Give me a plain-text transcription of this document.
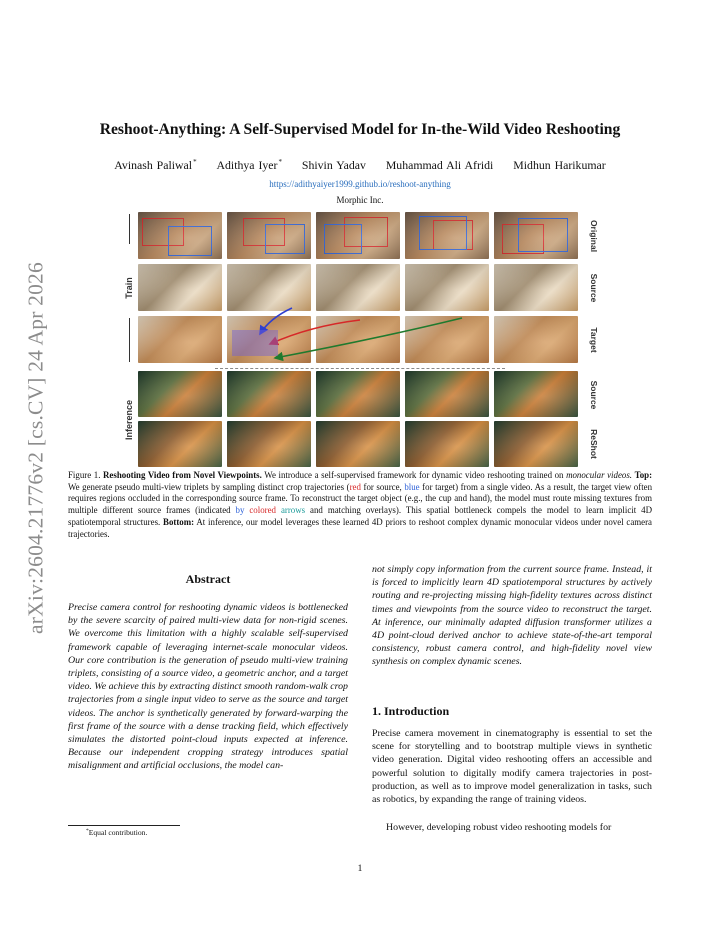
arXiv:2604.21776v2 [cs.CV] 24 Apr 2026
Reshoot-Anything: A Self-Supervised Model for In-the-Wild Video Reshooting
Avinash Paliwal* Adithya Iyer* Shivin Yadav Muhammad Ali Afridi Midhun Harikumar
https://adithyaiyer1999.github.io/reshoot-anything
Morphic Inc.
Train
Inference
Original
Source
Target
Source
ReShot
Figure 1. Reshooting Video from Novel Viewpoints. We introduce a self-supervised framework for dynamic video reshooting trained on monocular videos. Top: We generate pseudo multi-view triplets by sampling distinct crop trajectories (red for source, blue for target) from a single video. As a result, the target view often requires regions occluded in the corresponding source frame. To reconstruct the target object (e.g., the cup and hand), the model must route missing textures from multiple different source frames (indicated by colored arrows and matching overlays). This spatial bottleneck compels the model to learn implicit 4D spatiotemporal structures. Bottom: At inference, our model leverages these learned 4D priors to reshoot complex dynamic monocular videos under novel camera trajectories.
Abstract
Precise camera control for reshooting dynamic videos is bottlenecked by the severe scarcity of paired multi-view data for non-rigid scenes. We overcome this limitation with a highly scalable self-supervised framework capable of leveraging internet-scale monocular videos. Our core contribution is the generation of pseudo multi-view training triplets, consisting of a source video, a geometric anchor, and a target video. We achieve this by extracting distinct smooth random-walk crop trajectories from a single input video to serve as the source and target videos. The anchor is synthetically generated by forward-warping the first frame of the source with a dense tracking field, which effectively simulates the distorted point-cloud inputs expected at inference. Because our independent cropping strategy introduces spatial misalignment and artificial occlusions, the model can-
not simply copy information from the current source frame. Instead, it is forced to implicitly learn 4D spatiotemporal structures by actively routing and re-projecting missing high-fidelity textures across distinct times and viewpoints from the source video to reconstruct the target. At inference, our minimally adapted diffusion transformer utilizes a 4D point-cloud derived anchor to achieve state-of-the-art temporal consistency, robust camera control, and high-fidelity novel view synthesis on complex dynamic scenes.
1. Introduction
Precise camera movement in cinematography is essential to set the scene for storytelling and to bootstrap multiple views in synthetic video generation. Digital video reshooting offers an accessible and powerful solution to digitally modify camera trajectories in post-production, as well as to improve model generalization in tasks, such as robotics, by expanding the range of training videos.
However, developing robust video reshooting models for
*Equal contribution.
1
